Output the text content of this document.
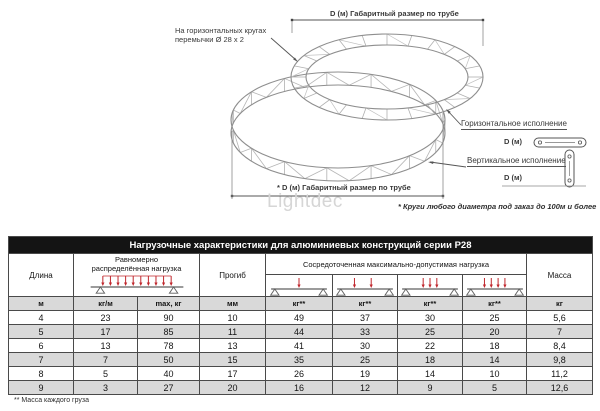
D (м) Габаритный размер по трубе
На горизонтальных кругах перемычки Ø 28 х 2
Горизонтальное исполнение
D (м)
Вертикальное исполнение
D (м)
* D (м) Габаритный размер по трубе
* Круги любого диаметра под заказ до 100м и более
Lightdec
Нагрузочные характеристики для алюминиевых конструкций серии Р28
Длина
Равномерно распределённая нагрузка
Прогиб
Сосредоточенная максимально-допустимая нагрузка
Масса
м	кг/м	max, кг	мм	кг**	кг**	кг**	кг**	кг
4	23	90	10	49	37	30	25	5,6
5	17	85	11	44	33	25	20	7
6	13	78	13	41	30	22	18	8,4
7	7	50	15	35	25	18	14	9,8
8	5	40	17	26	19	14	10	11,2
9	3	27	20	16	12	9	5	12,6
** Масса каждого груза
